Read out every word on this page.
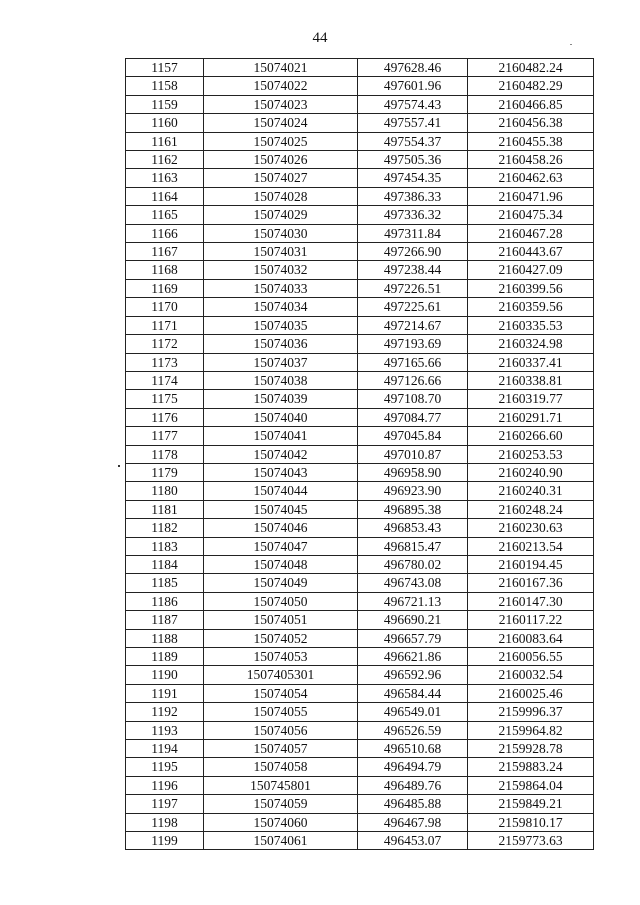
44
1157	15074021	497628.46	2160482.24
1158	15074022	497601.96	2160482.29
1159	15074023	497574.43	2160466.85
1160	15074024	497557.41	2160456.38
1161	15074025	497554.37	2160455.38
1162	15074026	497505.36	2160458.26
1163	15074027	497454.35	2160462.63
1164	15074028	497386.33	2160471.96
1165	15074029	497336.32	2160475.34
1166	15074030	497311.84	2160467.28
1167	15074031	497266.90	2160443.67
1168	15074032	497238.44	2160427.09
1169	15074033	497226.51	2160399.56
1170	15074034	497225.61	2160359.56
1171	15074035	497214.67	2160335.53
1172	15074036	497193.69	2160324.98
1173	15074037	497165.66	2160337.41
1174	15074038	497126.66	2160338.81
1175	15074039	497108.70	2160319.77
1176	15074040	497084.77	2160291.71
1177	15074041	497045.84	2160266.60
1178	15074042	497010.87	2160253.53
1179	15074043	496958.90	2160240.90
1180	15074044	496923.90	2160240.31
1181	15074045	496895.38	2160248.24
1182	15074046	496853.43	2160230.63
1183	15074047	496815.47	2160213.54
1184	15074048	496780.02	2160194.45
1185	15074049	496743.08	2160167.36
1186	15074050	496721.13	2160147.30
1187	15074051	496690.21	2160117.22
1188	15074052	496657.79	2160083.64
1189	15074053	496621.86	2160056.55
1190	1507405301	496592.96	2160032.54
1191	15074054	496584.44	2160025.46
1192	15074055	496549.01	2159996.37
1193	15074056	496526.59	2159964.82
1194	15074057	496510.68	2159928.78
1195	15074058	496494.79	2159883.24
1196	150745801	496489.76	2159864.04
1197	15074059	496485.88	2159849.21
1198	15074060	496467.98	2159810.17
1199	15074061	496453.07	2159773.63
